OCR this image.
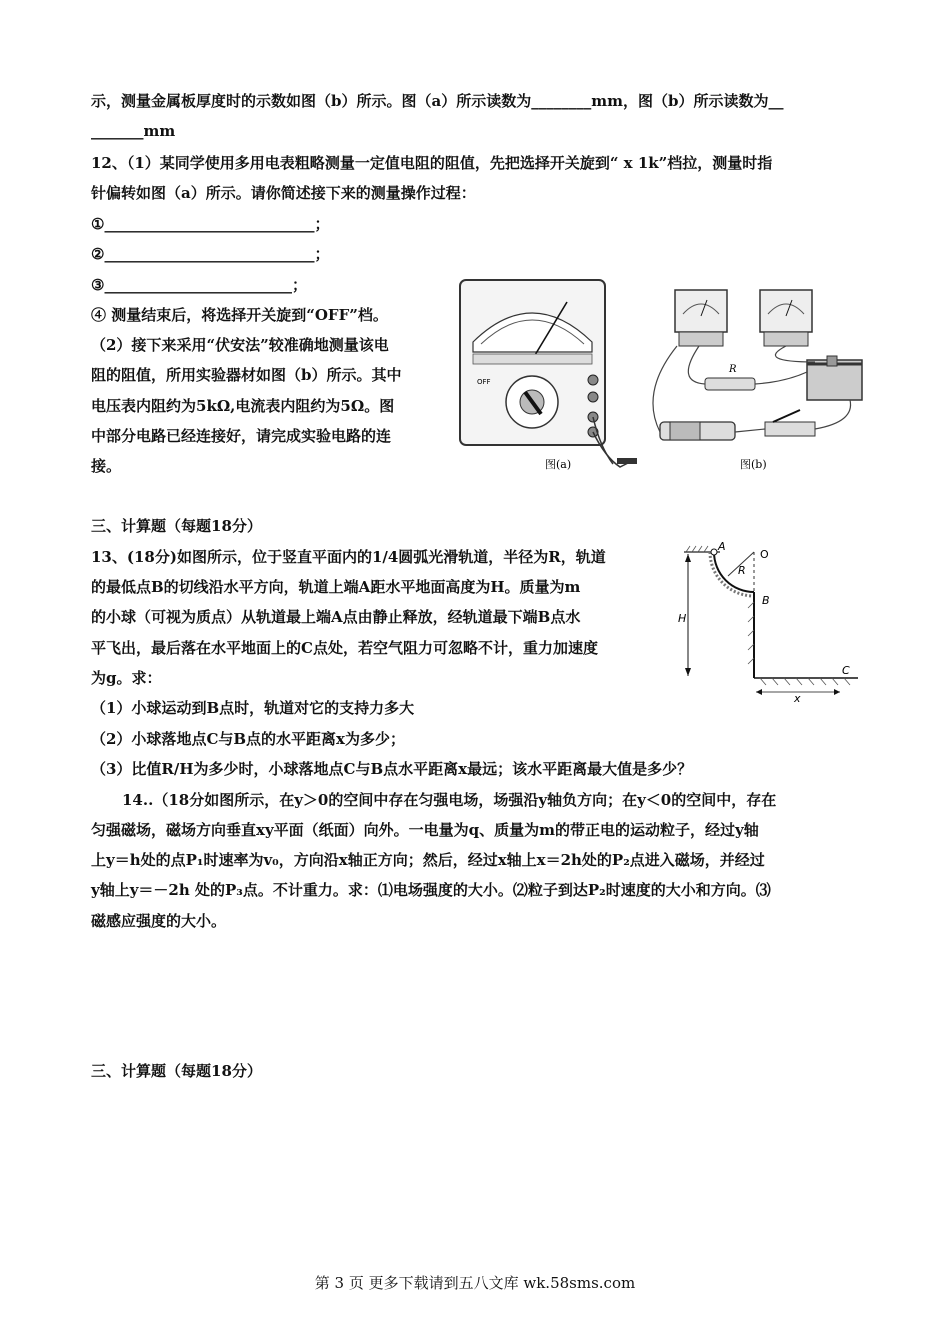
示，测量金属板厚度时的示数如图（b）所示。图（a）所示读数为________mm，图（b）所示读数为__
_______mm
12、（1）某同学使用多用电表粗略测量一定值电阻的阻值，先把选择开关旋到“ x 1k”档拉，测量时指
针偏转如图（a）所示。请你简述接下来的测量操作过程：
①____________________________；
②____________________________；
③_________________________；
④ 测量结束后，将选择开关旋到“OFF”档。
（2）接下来采用“伏安法”较准确地测量该电
阻的阻值，所用实验器材如图（b）所示。其中
电压表内阻约为5kΩ,电流表内阻约为5Ω。图
中部分电路已经连接好，请完成实验电路的连
接。
三、计算题（每题18分）
13、(18分)如图所示，位于竖直平面内的1/4圆弧光滑轨道，半径为R，轨道
的最低点B的切线沿水平方向，轨道上端A距水平地面高度为H。质量为m
的小球（可视为质点）从轨道最上端A点由静止释放，经轨道最下端B点水
平飞出，最后落在水平地面上的C点处，若空气阻力可忽略不计，重力加速度
为g。求：
（1）小球运动到B点时，轨道对它的支持力多大
（2）小球落地点C与B点的水平距离x为多少；
（3）比值R/H为多少时，小球落地点C与B点水平距离x最远；该水平距离最大值是多少？
14..（18分如图所示，在y＞0的空间中存在匀强电场，场强沿y轴负方向；在y＜0的空间中，存在
匀强磁场，磁场方向垂直xy平面（纸面）向外。一电量为q、质量为m的带正电的运动粒子，经过y轴
上y＝h处的点P₁时速率为v₀，方向沿x轴正方向；然后，经过x轴上x＝2h处的P₂点进入磁场，并经过
y轴上y＝－2h 处的P₃点。不计重力。求：⑴电场强度的大小。⑵粒子到达P₂时速度的大小和方向。⑶
磁感应强度的大小。
三、计算题（每题18分）
OFF
R
图(a)	图(b)
A
O
R
B
H
C
x
第 3 页 更多下载请到五八文库 wk.58sms.com
